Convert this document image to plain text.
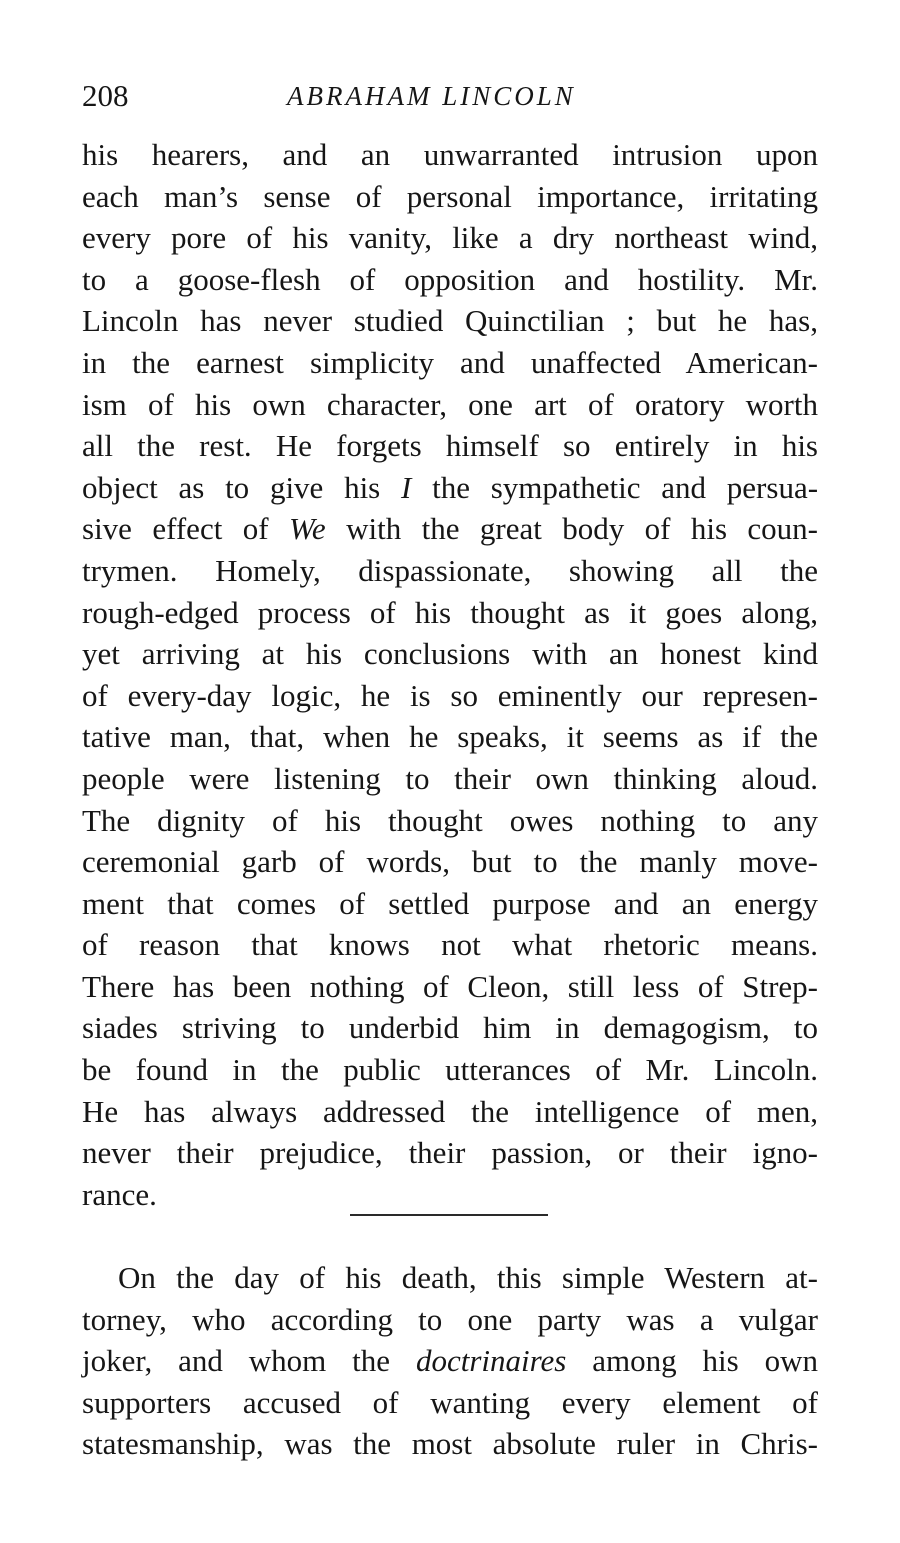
208	ABRAHAM LINCOLN
his hearers, and an unwarranted intrusion upon
each man’s sense of personal importance, irritating
every pore of his vanity, like a dry northeast wind,
to a goose-flesh of opposition and hostility. Mr.
Lincoln has never studied Quinctilian ; but he has,
in the earnest simplicity and unaffected American-
ism of his own character, one art of oratory worth
all the rest. He forgets himself so entirely in his
object as to give his I the sympathetic and persua-
sive effect of We with the great body of his coun-
trymen. Homely, dispassionate, showing all the
rough-edged process of his thought as it goes along,
yet arriving at his conclusions with an honest kind
of every-day logic, he is so eminently our represen-
tative man, that, when he speaks, it seems as if the
people were listening to their own thinking aloud.
The dignity of his thought owes nothing to any
ceremonial garb of words, but to the manly move-
ment that comes of settled purpose and an energy
of reason that knows not what rhetoric means.
There has been nothing of Cleon, still less of Strep-
siades striving to underbid him in demagogism, to
be found in the public utterances of Mr. Lincoln.
He has always addressed the intelligence of men,
never their prejudice, their passion, or their igno-
rance.
On the day of his death, this simple Western at-
torney, who according to one party was a vulgar
joker, and whom the doctrinaires among his own
supporters accused of wanting every element of
statesmanship, was the most absolute ruler in Chris-
